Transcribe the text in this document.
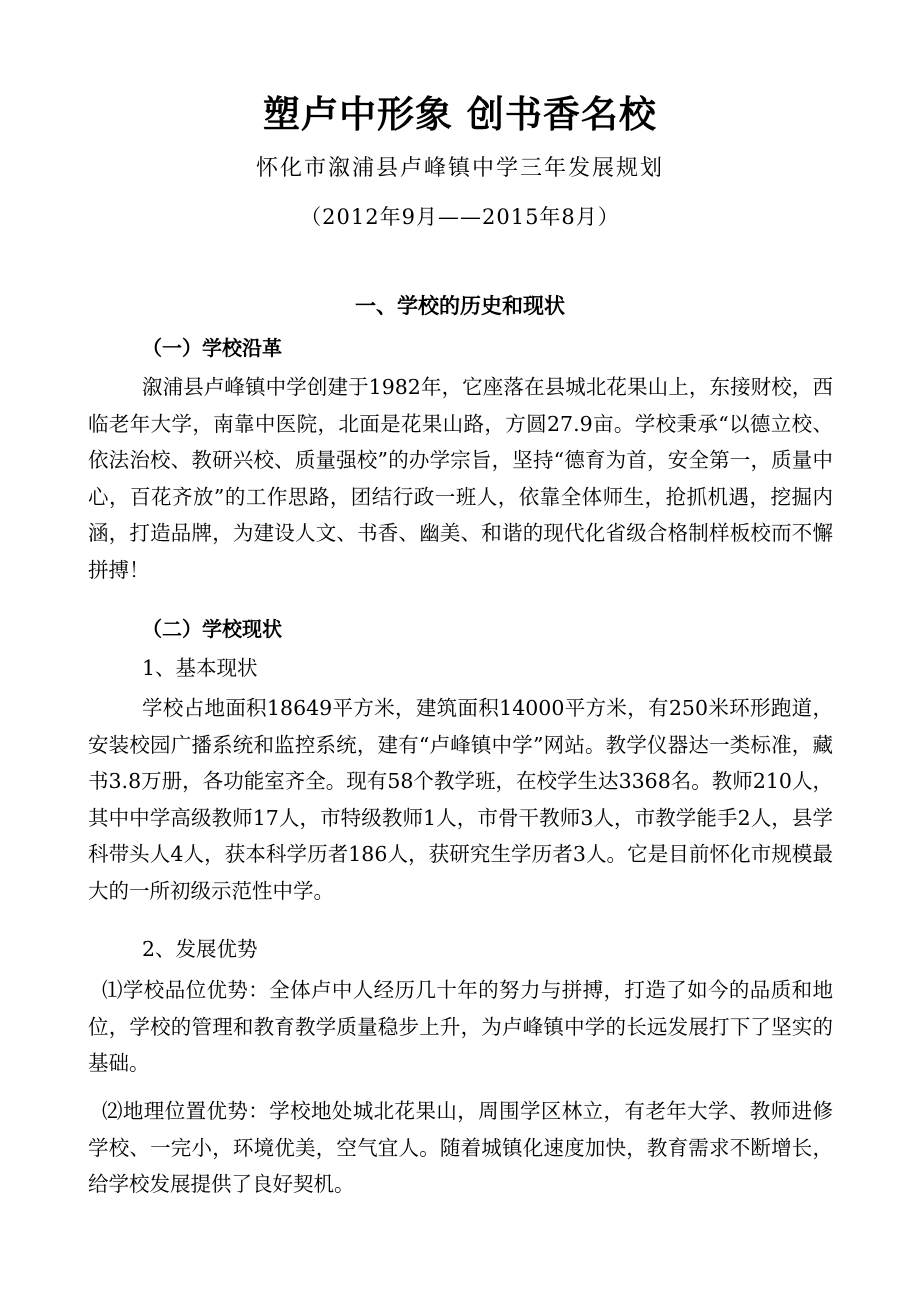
塑卢中形象 创书香名校
怀化市溆浦县卢峰镇中学三年发展规划
（2012年9月——2015年8月）
一、学校的历史和现状
（一）学校沿革
溆浦县卢峰镇中学创建于1982年，它座落在县城北花果山上，东接财校，西临老年大学，南靠中医院，北面是花果山路，方圆27.9亩。学校秉承“以德立校、依法治校、教研兴校、质量强校”的办学宗旨，坚持“德育为首，安全第一，质量中心，百花齐放”的工作思路，团结行政一班人，依靠全体师生，抢抓机遇，挖掘内涵，打造品牌，为建设人文、书香、幽美、和谐的现代化省级合格制样板校而不懈拼搏！
（二）学校现状
1、基本现状
学校占地面积18649平方米，建筑面积14000平方米，有250米环形跑道，安装校园广播系统和监控系统，建有“卢峰镇中学”网站。教学仪器达一类标准，藏书3.8万册，各功能室齐全。现有58个教学班，在校学生达3368名。教师210人，其中中学高级教师17人，市特级教师1人，市骨干教师3人，市教学能手2人，县学科带头人4人，获本科学历者186人，获研究生学历者3人。它是目前怀化市规模最大的一所初级示范性中学。
2、发展优势
⑴学校品位优势：全体卢中人经历几十年的努力与拼搏，打造了如今的品质和地位，学校的管理和教育教学质量稳步上升，为卢峰镇中学的长远发展打下了坚实的基础。
⑵地理位置优势：学校地处城北花果山，周围学区林立，有老年大学、教师进修学校、一完小，环境优美，空气宜人。随着城镇化速度加快，教育需求不断增长，给学校发展提供了良好契机。
